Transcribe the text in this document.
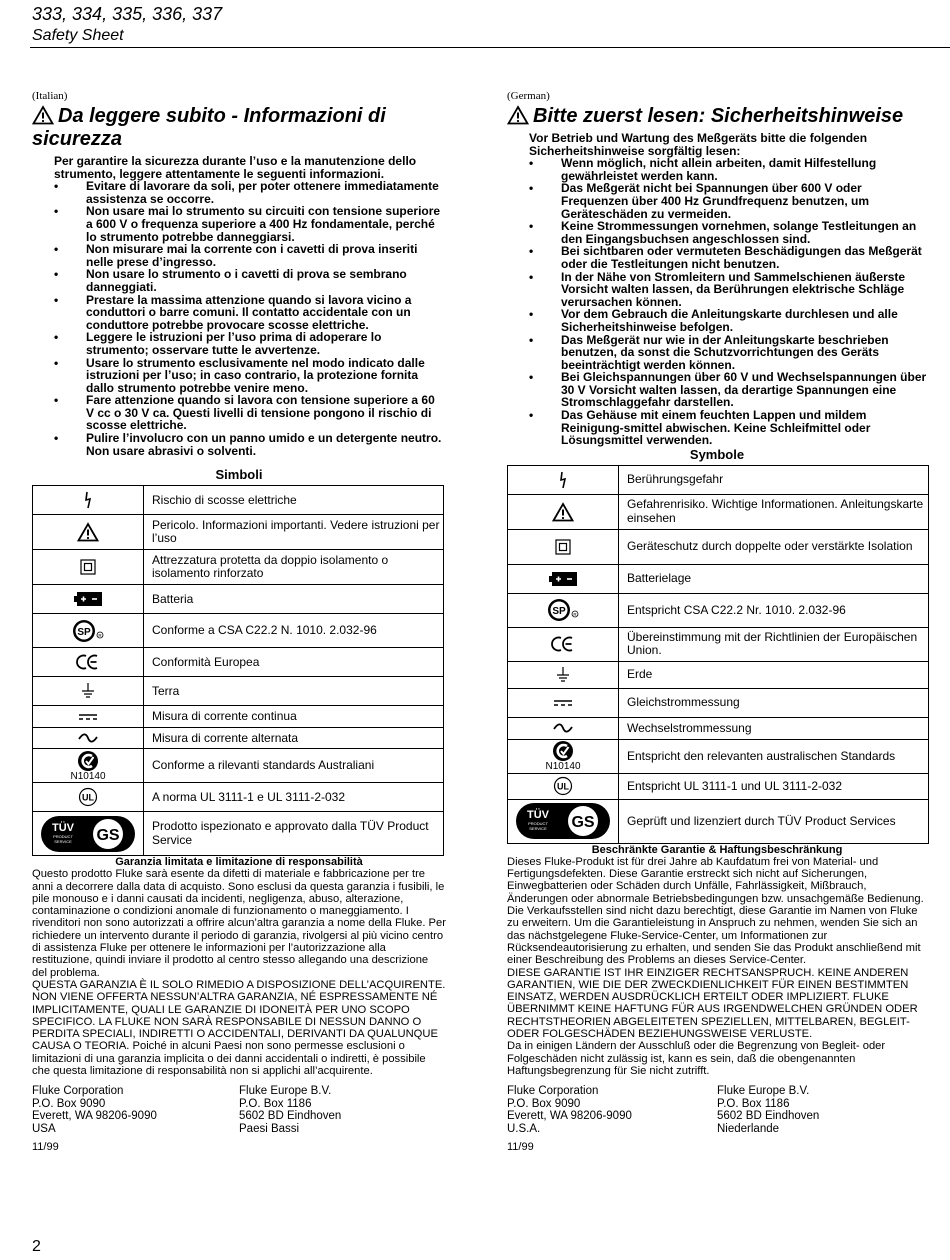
333, 334, 335, 336, 337
Safety Sheet
(Italian)
Da leggere subito - Informazioni di sicurezza

Per garantire la sicurezza durante l’uso e la manutenzione dello strumento, leggere attentamente le seguenti informazioni.

• Evitare di lavorare da soli, per poter ottenere immediatamente assistenza se occorre.
• Non usare mai lo strumento su circuiti con tensione superiore a 600 V o frequenza superiore a 400 Hz fondamentale, perché lo strumento potrebbe danneggiarsi.
• Non misurare mai la corrente con i cavetti di prova inseriti nelle prese d’ingresso.
• Non usare lo strumento o i cavetti di prova se sembrano danneggiati.
• Prestare la massima attenzione quando si lavora vicino a conduttori o barre comuni. Il contatto accidentale con un conduttore potrebbe provocare scosse elettriche.
• Leggere le istruzioni per l’uso prima di adoperare lo strumento; osservare tutte le avvertenze.
• Usare lo strumento esclusivamente nel modo indicato dalle istruzioni per l’uso; in caso contrario, la protezione fornita dallo strumento potrebbe venire meno.
• Fare attenzione quando si lavora con tensione superiore a 60 V cc o 30 V ca. Questi livelli di tensione pongono il rischio di scosse elettriche.
• Pulire l’involucro con un panno umido e un detergente neutro. Non usare abrasivi o solventi.
Simboli
	Rischio di scosse elettriche
	Pericolo. Informazioni importanti. Vedere istruzioni per l’uso
	Attrezzatura protetta da doppio isolamento o isolamento rinforzato
	Batteria

SP R	Conforme a CSA C22.2 N. 1010. 2.032-96
	Conformità Europea
	Terra
	Misura di corrente continua
	Misura di corrente alternata

N10140	Conforme a rilevanti standards Australiani

UL	A norma UL 3111-1 e UL 3111-2-032

TÜV
PRODUCT
SERVICE GS	Prodotto ispezionato e approvato dalla TÜV Product Service

Garanzia limitata e limitazione di responsabilità

Questo prodotto Fluke sarà esente da difetti di materiale e fabbricazione per tre anni a decorrere dalla data di acquisto. Sono esclusi da questa garanzia i fusibili, le pile monouso e i danni causati da incidenti, negligenza, abuso, alterazione, contaminazione o condizioni anomale di funzionamento o maneggiamento. I rivenditori non sono autorizzati a offrire alcun’altra garanzia a nome della Fluke. Per richiedere un intervento durante il periodo di garanzia, rivolgersi al più vicino centro di assistenza Fluke per ottenere le informazioni per l’autorizzazione alla restituzione, quindi inviare il prodotto al centro stesso allegando una descrizione del problema.

QUESTA GARANZIA È IL SOLO RIMEDIO A DISPOSIZIONE DELL’ACQUIRENTE. NON VIENE OFFERTA NESSUN’ALTRA GARANZIA, NÉ ESPRESSAMENTE NÉ IMPLICITAMENTE, QUALI LE GARANZIE DI IDONEITÀ PER UNO SCOPO SPECIFICO. LA FLUKE NON SARÀ RESPONSABILE DI NESSUN DANNO O PERDITA SPECIALI, INDIRETTI O ACCIDENTALI, DERIVANTI DA QUALUNQUE CAUSA O TEORIA. Poiché in alcuni Paesi non sono permesse esclusioni o limitazioni di una garanzia implicita o dei danni accidentali o indiretti, è possibile che questa limitazione di responsabilità non si applichi all’acquirente.

Fluke Corporation
P.O. Box 9090
Everett, WA 98206-9090
USA
Fluke Europe B.V.
P.O. Box 1186
5602 BD Eindhoven
Paesi Bassi
11/99
(German)
Bitte zuerst lesen: Sicherheitshinweise

Vor Betrieb und Wartung des Meßgeräts bitte die folgenden Sicherheitshinweise sorgfältig lesen:

• Wenn möglich, nicht allein arbeiten, damit Hilfestellung gewährleistet werden kann.
• Das Meßgerät nicht bei Spannungen über 600 V oder Frequenzen über 400 Hz Grundfrequenz benutzen, um Geräteschäden zu vermeiden.
• Keine Strommessungen vornehmen, solange Testleitungen an den Eingangsbuchsen angeschlossen sind.
• Bei sichtbaren oder vermuteten Beschädigungen das Meßgerät oder die Testleitungen nicht benutzen.
• In der Nähe von Stromleitern und Sammelschienen äußerste Vorsicht walten lassen, da Berührungen elektrische Schläge verursachen können.
• Vor dem Gebrauch die Anleitungskarte durchlesen und alle Sicherheitshinweise befolgen.
• Das Meßgerät nur wie in der Anleitungskarte beschrieben benutzen, da sonst die Schutzvorrichtungen des Geräts beeinträchtigt werden können.
• Bei Gleichspannungen über 60 V und Wechselspannungen über 30 V Vorsicht walten lassen, da derartige Spannungen eine Stromschlaggefahr darstellen.
• Das Gehäuse mit einem feuchten Lappen und mildem Reinigung-smittel abwischen. Keine Schleifmittel oder Lösungsmittel verwenden.
Symbole
	Berührungsgefahr
	Gefahrenrisiko. Wichtige Informationen. Anleitungskarte einsehen
	Geräteschutz durch doppelte oder verstärkte Isolation
	Batterielage

SP R	Entspricht CSA C22.2 Nr. 1010. 2.032-96
	Übereinstimmung mit der Richtlinien der Europäischen Union.
	Erde
	Gleichstrommessung
	Wechselstrommessung

N10140	Entspricht den relevanten australischen Standards

UL	Entspricht UL 3111-1 und UL 3111-2-032

TÜV
PRODUCT
SERVICE GS	Geprüft und lizenziert durch TÜV Product Services

Beschränkte Garantie & Haftungsbeschränkung

Dieses Fluke-Produkt ist für drei Jahre ab Kaufdatum frei von Material- und Fertigungsdefekten. Diese Garantie erstreckt sich nicht auf Sicherungen, Einwegbatterien oder Schäden durch Unfälle, Fahrlässigkeit, Mißbrauch, Änderungen oder abnormale Betriebsbedingungen bzw. unsachgemäße Bedienung. Die Verkaufsstellen sind nicht dazu berechtigt, diese Garantie im Namen von Fluke zu erweitern. Um die Garantieleistung in Anspruch zu nehmen, wenden Sie sich an das nächstgelegene Fluke-Service-Center, um Informationen zur Rücksendeautorisierung zu erhalten, und senden Sie das Produkt anschließend mit einer Beschreibung des Problems an dieses Service-Center.

DIESE GARANTIE IST IHR EINZIGER RECHTSANSPRUCH. KEINE ANDEREN GARANTIEN, WIE DIE DER ZWECKDIENLICHKEIT FÜR EINEN BESTIMMTEN EINSATZ, WERDEN AUSDRÜCKLICH ERTEILT ODER IMPLIZIERT. FLUKE ÜBERNIMMT KEINE HAFTUNG FÜR AUS IRGENDWELCHEN GRÜNDEN ODER RECHTSTHEORIEN ABGELEITETEN SPEZIELLEN, MITTELBAREN, BEGLEIT- ODER FOLGESCHÄDEN BEZIEHUNGSWEISE VERLUSTE.

Da in einigen Ländern der Ausschluß oder die Begrenzung von Begleit- oder Folgeschäden nicht zulässig ist, kann es sein, daß die obengenannten Haftungsbegrenzung für Sie nicht zutrifft.

Fluke Corporation
P.O. Box 9090
Everett, WA 98206-9090
U.S.A.
Fluke Europe B.V.
P.O. Box 1186
5602 BD Eindhoven
Niederlande
11/99
2
